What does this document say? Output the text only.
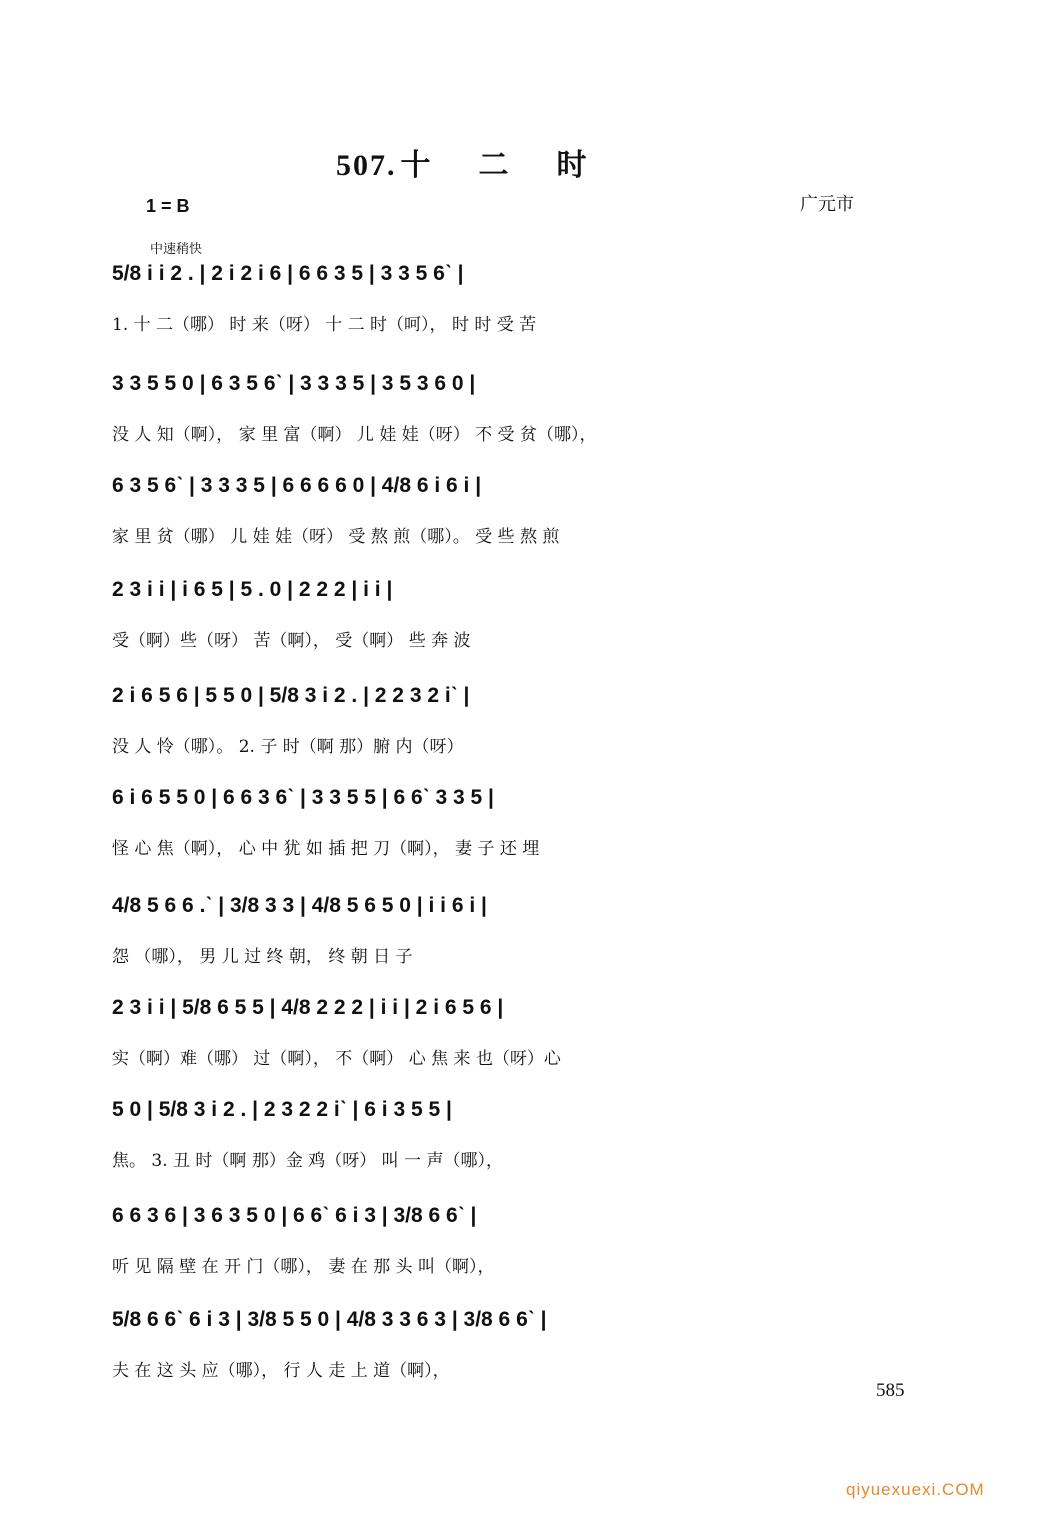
507. 十 二 时
1 = B	广元市
中速稍快
5/8 i i 2 . | 2 i 2 i 6 | 6 6 3 5 | 3 3 5 6ˋ |
1. 十 二（哪） 时 来（呀） 十 二 时（呵）， 时 时 受 苦
3 3 5 5 0 | 6 3 5 6ˋ | 3 3 3 5 | 3 5 3 6 0 |
没 人 知（啊）， 家 里 富（啊） 儿 娃 娃（呀） 不 受 贫（哪），
6 3 5 6ˋ | 3 3 3 5 | 6 6 6 6 0 | 4/8 6 i 6 i |
家 里 贫（哪） 儿 娃 娃（呀） 受 熬 煎（哪）。 受 些 熬 煎
2 3 i i | i 6 5 | 5 . 0 | 2 2 2 | i i |
受（啊）些（呀） 苦（啊）， 受（啊） 些 奔 波
2 i 6 5 6 | 5 5 0 | 5/8 3 i 2 . | 2 2 3 2 iˋ |
没 人 怜（哪）。 2. 子 时（啊 那）腑 内（呀）
6 i 6 5 5 0 | 6 6 3 6ˋ | 3 3 5 5 | 6 6ˋ 3 3 5 |
怪 心 焦（啊）， 心 中 犹 如 插 把 刀（啊）， 妻 子 还 埋
4/8 5 6 6 .ˋ | 3/8 3 3 | 4/8 5 6 5 0 | i i 6 i |
怨 （哪）， 男 儿 过 终 朝， 终 朝 日 子
2 3 i i | 5/8 6 5 5 | 4/8 2 2 2 | i i | 2 i 6 5 6 |
实（啊）难（哪） 过（啊）， 不（啊） 心 焦 来 也（呀）心
5 0 | 5/8 3 i 2 . | 2 3 2 2 iˋ | 6 i 3 5 5 |
焦。 3. 丑 时（啊 那）金 鸡（呀） 叫 一 声（哪），
6 6 3 6 | 3 6 3 5 0 | 6 6ˋ 6 i 3 | 3/8 6 6ˋ |
听 见 隔 壁 在 开 门（哪）， 妻 在 那 头 叫（啊），
5/8 6 6ˋ 6 i 3 | 3/8 5 5 0 | 4/8 3 3 6 3 | 3/8 6 6ˋ |
夫 在 这 头 应（哪）， 行 人 走 上 道（啊），
585
qiyuexuexi.COM
